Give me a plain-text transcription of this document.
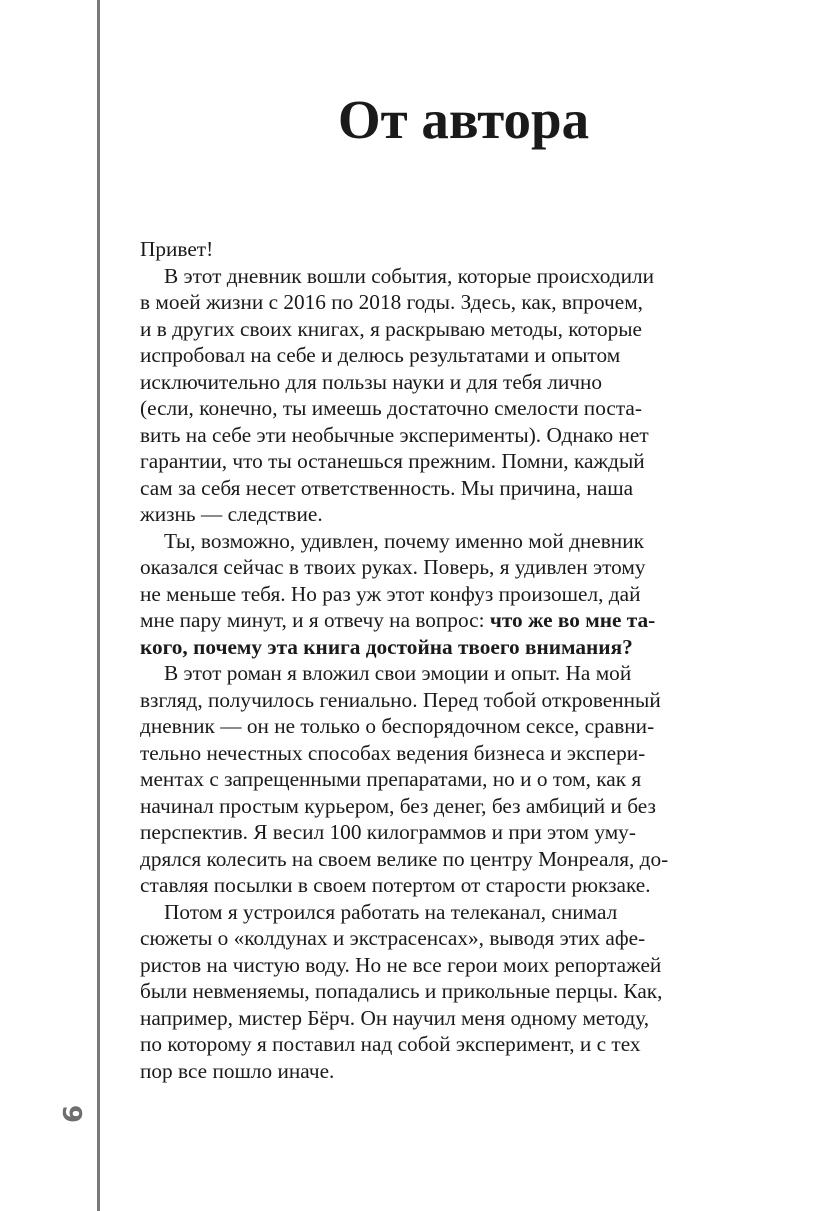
6
От автора
Привет!
В этот дневник вошли события, которые происходили
в моей жизни с 2016 по 2018 годы. Здесь, как, впрочем,
и в других своих книгах, я раскрываю методы, которые
испробовал на себе и делюсь результатами и опытом
исключительно для пользы науки и для тебя лично
(если, конечно, ты имеешь достаточно смелости поста-
вить на себе эти необычные эксперименты). Однако нет
гарантии, что ты останешься прежним. Помни, каждый
сам за себя несет ответственность. Мы причина, наша
жизнь — следствие.
Ты, возможно, удивлен, почему именно мой дневник
оказался сейчас в твоих руках. Поверь, я удивлен этому
не меньше тебя. Но раз уж этот конфуз произошел, дай
мне пару минут, и я отвечу на вопрос: что же во мне та-
кого, почему эта книга достойна твоего внимания?
В этот роман я вложил свои эмоции и опыт. На мой
взгляд, получилось гениально. Перед тобой откровенный
дневник — он не только о беспорядочном сексе, сравни-
тельно нечестных способах ведения бизнеса и экспери-
ментах с запрещенными препаратами, но и о том, как я
начинал простым курьером, без денег, без амбиций и без
перспектив. Я весил 100 килограммов и при этом уму-
дрялся колесить на своем велике по центру Монреаля, до-
ставляя посылки в своем потертом от старости рюкзаке.
Потом я устроился работать на телеканал, снимал
сюжеты о «колдунах и экстрасенсах», выводя этих афе-
ристов на чистую воду. Но не все герои моих репортажей
были невменяемы, попадались и прикольные перцы. Как,
например, мистер Бёрч. Он научил меня одному методу,
по которому я поставил над собой эксперимент, и с тех
пор все пошло иначе.
